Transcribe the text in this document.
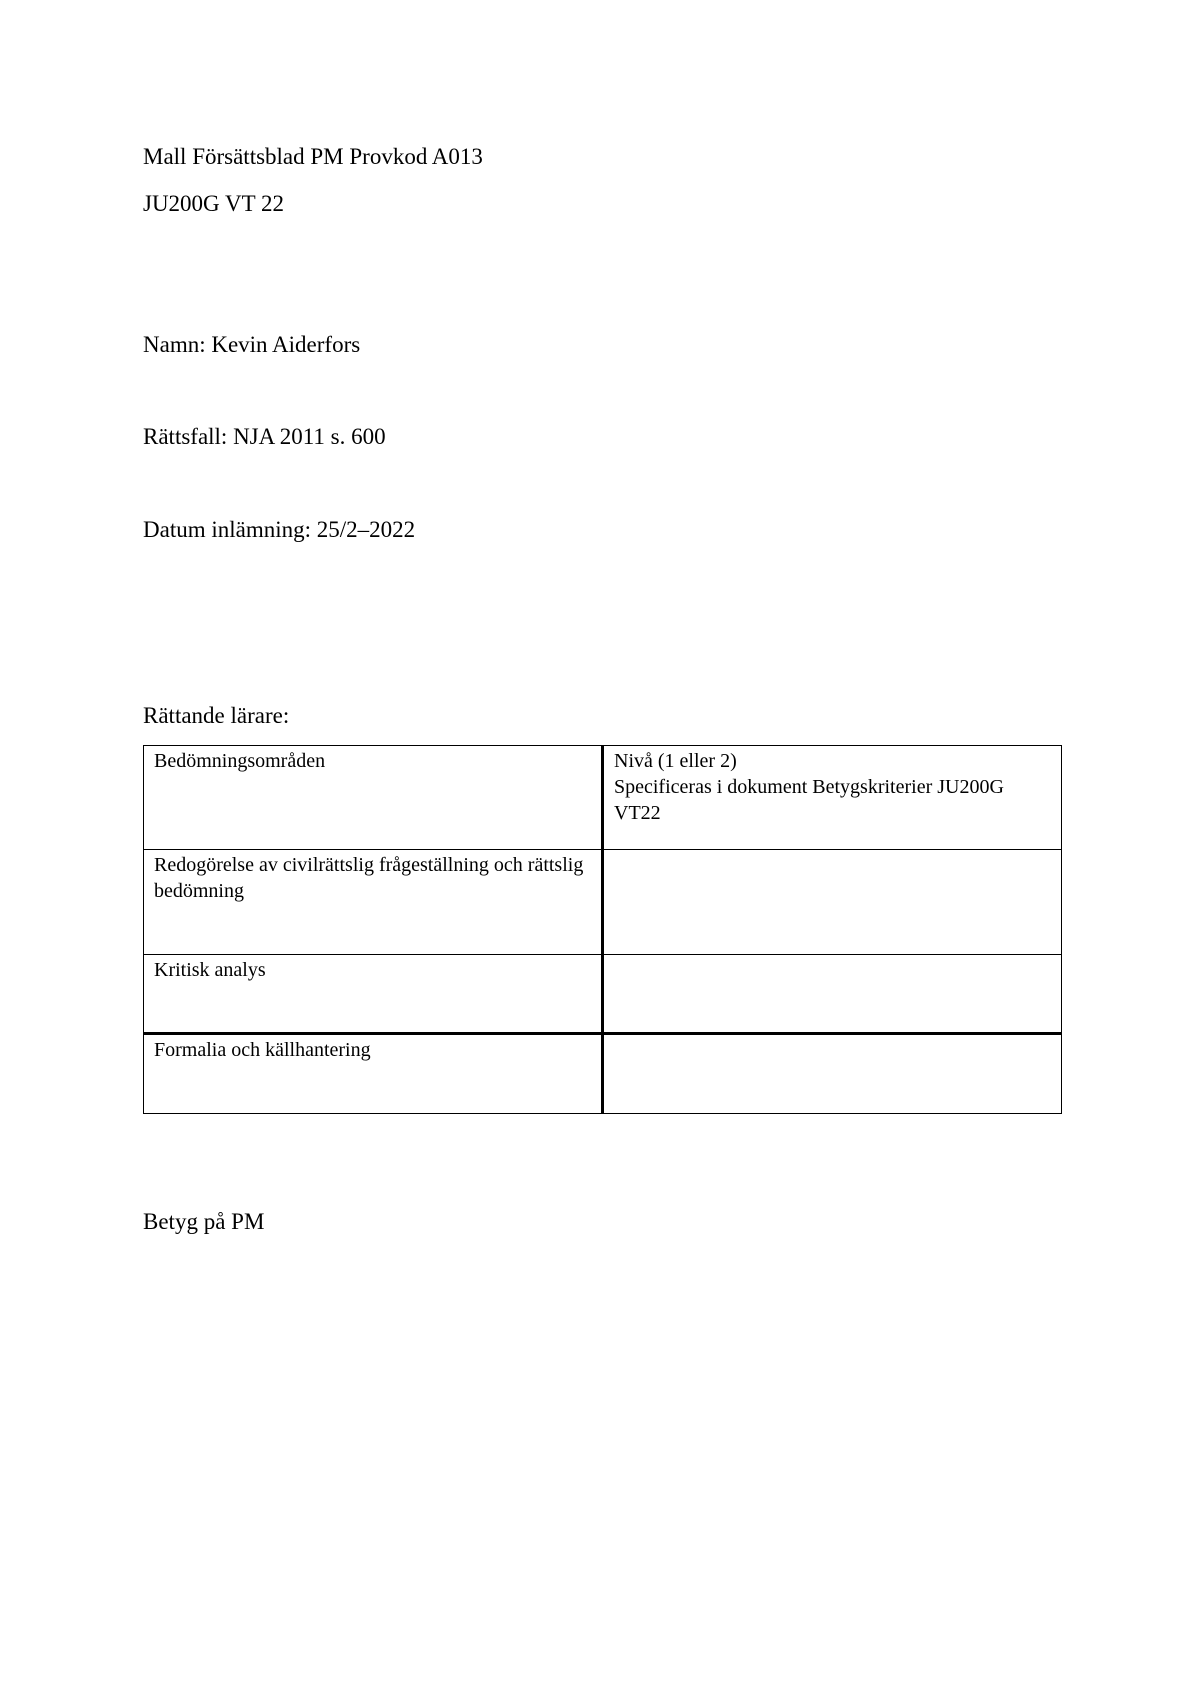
Mall Försättsblad PM Provkod A013
JU200G VT 22
Namn: Kevin Aiderfors
Rättsfall: NJA 2011 s. 600
Datum inlämning: 25/2–2022
Rättande lärare:
Bedömningsområden	Nivå (1 eller 2)
Specificeras i dokument Betygskriterier JU200G VT22

Redogörelse av civilrättslig frågeställning och rättslig bedömning	
Kritisk analys	
Formalia och källhantering	
Betyg på PM
